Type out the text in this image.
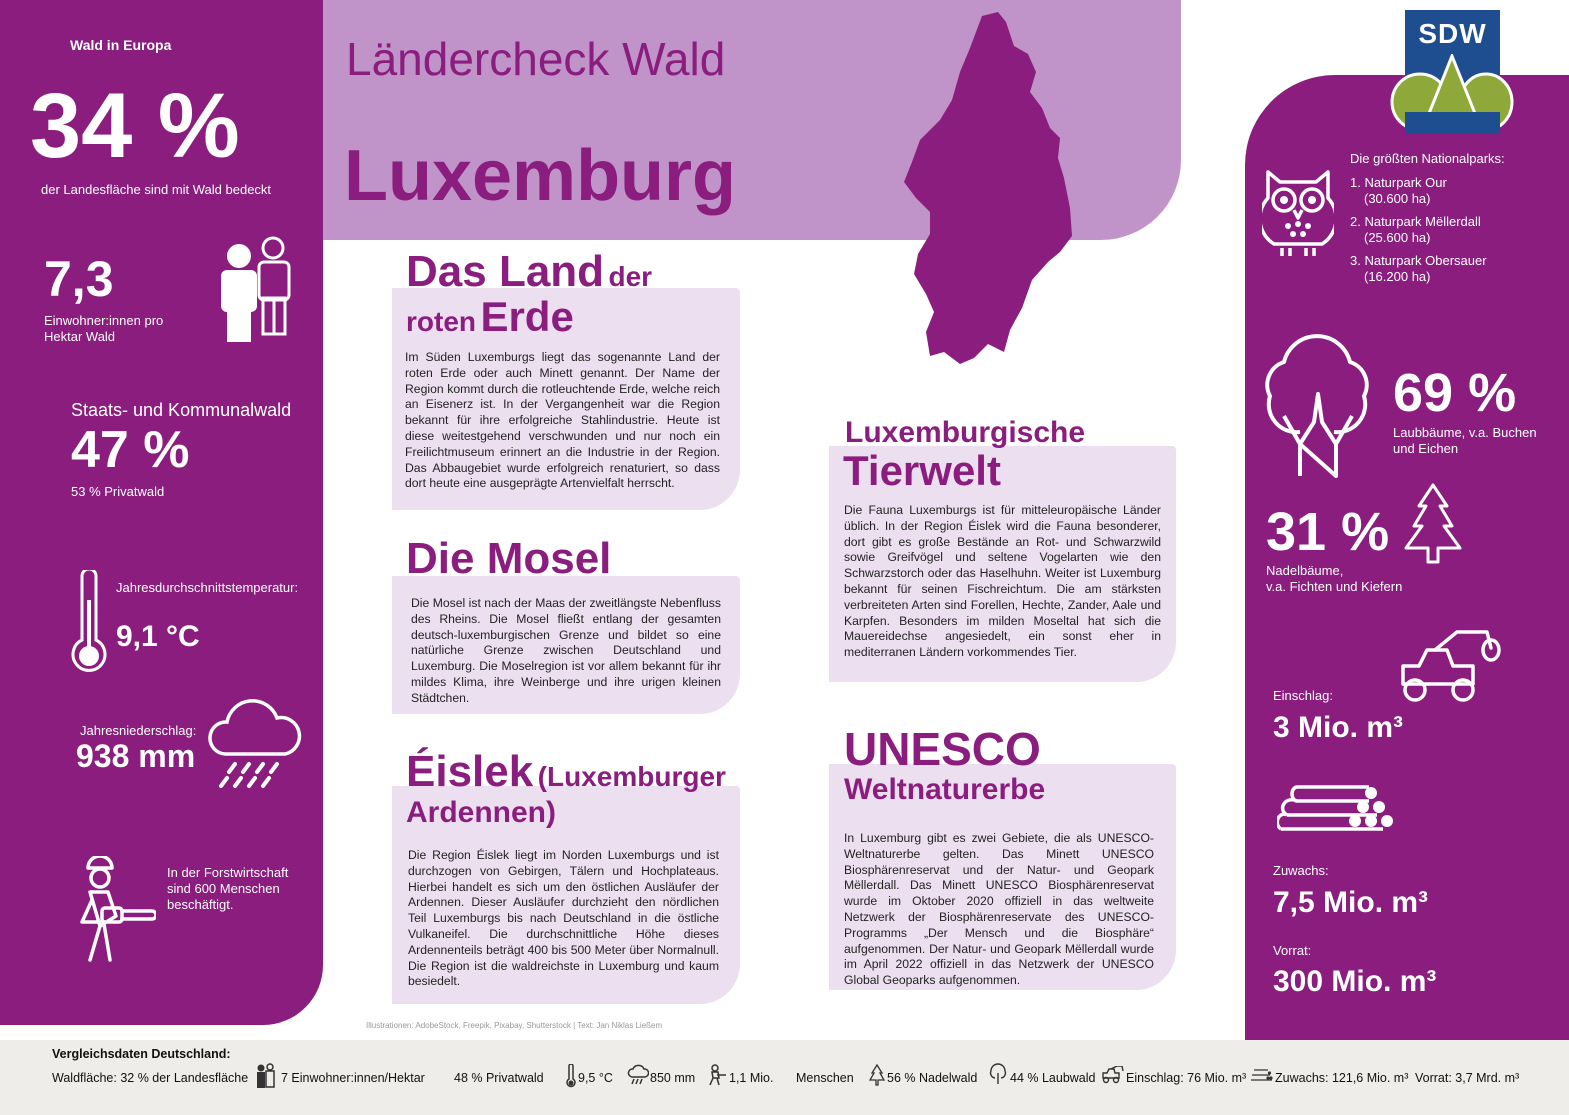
Ländercheck Wald
Luxemburg
SDW
Wald in Europa
34 %
der Landesfläche sind mit Wald bedeckt
7,3
Einwohner:innen pro
Hektar Wald
Staats- und Kommunalwald
47 %
53 % Privatwald
Jahresdurchschnittstemperatur:
9,1 °C
Jahresniederschlag:
938 mm
In der Forstwirtschaft
sind 600 Menschen
beschäftigt.
Das Land der
roten Erde
Im Süden Luxemburgs liegt das sogenannte Land der roten Erde oder auch Minett genannt. Der Name der Region kommt durch die rotleuchtende Erde, welche reich an Eisenerz ist. In der Vergangenheit war die Region bekannt für ihre erfolgreiche Stahlindustrie. Heute ist diese weitestgehend verschwunden und nur noch ein Freilichtmuseum erinnert an die Industrie in der Region. Das Abbaugebiet wurde erfolgreich renaturiert, so dass dort heute eine ausgeprägte Artenvielfalt herrscht.
Die Mosel
Die Mosel ist nach der Maas der zweitlängste Nebenfluss des Rheins. Die Mosel fließt entlang der gesamten deutsch-luxemburgischen Grenze und bildet so eine natürliche Grenze zwischen Deutschland und Luxemburg. Die Moselregion ist vor allem bekannt für ihr mildes Klima, ihre Weinberge und ihre urigen kleinen Städtchen.
Éislek (Luxemburger
Ardennen)
Die Region Éislek liegt im Norden Luxemburgs und ist durchzogen von Gebirgen, Tälern und Hochplateaus. Hierbei handelt es sich um den östlichen Ausläufer der Ardennen. Dieser Ausläufer durchzieht den nördlichen Teil Luxemburgs bis nach Deutschland in die östliche Vulkaneifel. Die durchschnittliche Höhe dieses Ardennenteils beträgt 400 bis 500 Meter über Normalnull. Die Region ist die waldreichste in Luxemburg und kaum besiedelt.
Luxemburgische
Tierwelt
Die Fauna Luxemburgs ist für mitteleuropäische Länder üblich. In der Region Éislek wird die Fauna besonderer, dort gibt es große Bestände an Rot- und Schwarzwild sowie Greifvögel und seltene Vogelarten wie den Schwarzstorch oder das Haselhuhn. Weiter ist Luxemburg bekannt für seinen Fischreichtum. Die am stärksten verbreiteten Arten sind Forellen, Hechte, Zander, Aale und Karpfen. Besonders im milden Moseltal hat sich die Mauereidechse angesiedelt, ein sonst eher in mediterranen Ländern vorkommendes Tier.
UNESCO
Weltnaturerbe
In Luxemburg gibt es zwei Gebiete, die als UNESCO-Weltnaturerbe gelten. Das Minett UNESCO Biosphärenreservat und der Natur- und Geopark Mëllerdall. Das Minett UNESCO Biosphärenreservat wurde im Oktober 2020 offiziell in das weltweite Netzwerk der Biosphärenreservate des UNESCO-Programms „Der Mensch und die Biosphäre“ aufgenommen. Der Natur- und Geopark Mëllerdall wurde im April 2022 offiziell in das Netzwerk der UNESCO Global Geoparks aufgenommen.
Illustrationen: AdobeStock, Freepik, Pixabay, Shutterstock | Text: Jan Niklas Ließem
Die größten Nationalparks:
1. Naturpark Our
(30.600 ha)
2. Naturpark Mëllerdall
(25.600 ha)
3. Naturpark Obersauer
(16.200 ha)
69 %
Laubbäume, v.a. Buchen
und Eichen
31 %
Nadelbäume,
v.a. Fichten und Kiefern
Einschlag:
3 Mio. m³
Zuwachs:
7,5 Mio. m³
Vorrat:
300 Mio. m³
Vergleichsdaten Deutschland:
Waldfläche: 32 % der Landesfläche	7 Einwohner:innen/Hektar 48 % Privatwald	9,5 °C	850 mm	1,1 Mio. Menschen	56 % Nadelwald	44 % Laubwald Einschlag: 76 Mio. m³ Zuwachs: 121,6 Mio. m³ Vorrat: 3,7 Mrd. m³
